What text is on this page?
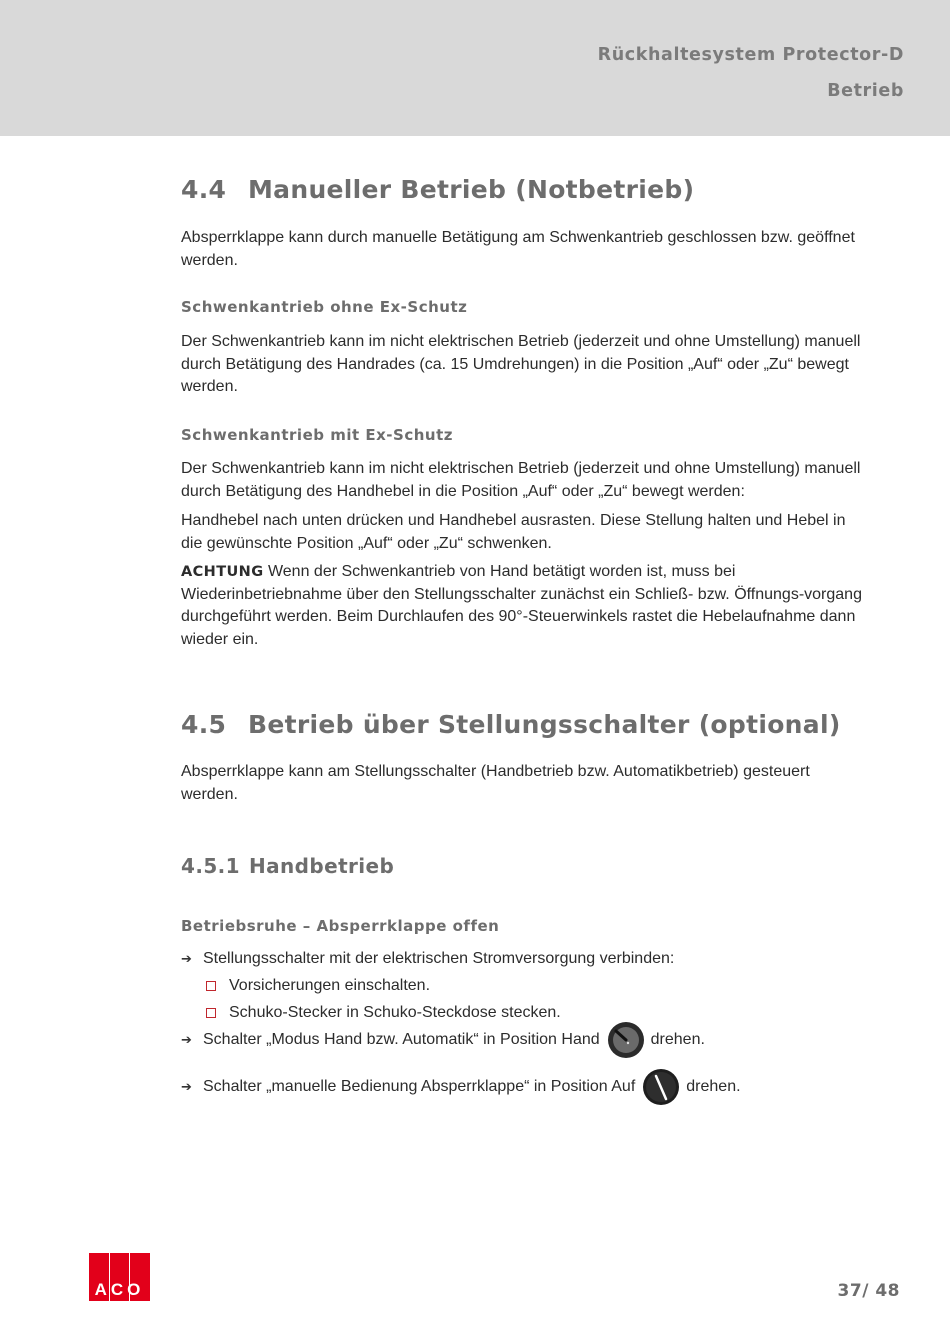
Rückhaltesystem Protector-D
Betrieb
4.4 Manueller Betrieb (Notbetrieb)
Absperrklappe kann durch manuelle Betätigung am Schwenkantrieb geschlossen bzw. geöffnet werden.
Schwenkantrieb ohne Ex-Schutz
Der Schwenkantrieb kann im nicht elektrischen Betrieb (jederzeit und ohne Umstellung) manuell durch Betätigung des Handrades (ca. 15 Umdrehungen) in die Position „Auf“ oder „Zu“ bewegt werden.
Schwenkantrieb mit Ex-Schutz
Der Schwenkantrieb kann im nicht elektrischen Betrieb (jederzeit und ohne Umstellung) manuell durch Betätigung des Handhebel in die Position „Auf“ oder „Zu“ bewegt werden:
Handhebel nach unten drücken und Handhebel ausrasten. Diese Stellung halten und Hebel in die gewünschte Position „Auf“ oder „Zu“ schwenken.
ACHTUNG Wenn der Schwenkantrieb von Hand betätigt worden ist, muss bei Wiederinbetriebnahme über den Stellungsschalter zunächst ein Schließ- bzw. Öffnungs-vorgang durchgeführt werden. Beim Durchlaufen des 90°-Steuerwinkels rastet die Hebelaufnahme dann wieder ein.
4.5 Betrieb über Stellungsschalter (optional)
Absperrklappe kann am Stellungsschalter (Handbetrieb bzw. Automatikbetrieb) gesteuert werden.
4.5.1 Handbetrieb
Betriebsruhe – Absperrklappe offen
➔ Stellungsschalter mit der elektrischen Stromversorgung verbinden:
Vorsicherungen einschalten.
Schuko-Stecker in Schuko-Steckdose stecken.
➔ Schalter „Modus Hand bzw. Automatik“ in Position Hand	drehen.
➔ Schalter „manuelle Bedienung Absperrklappe“ in Position Auf	drehen.
ACO	37/ 48
